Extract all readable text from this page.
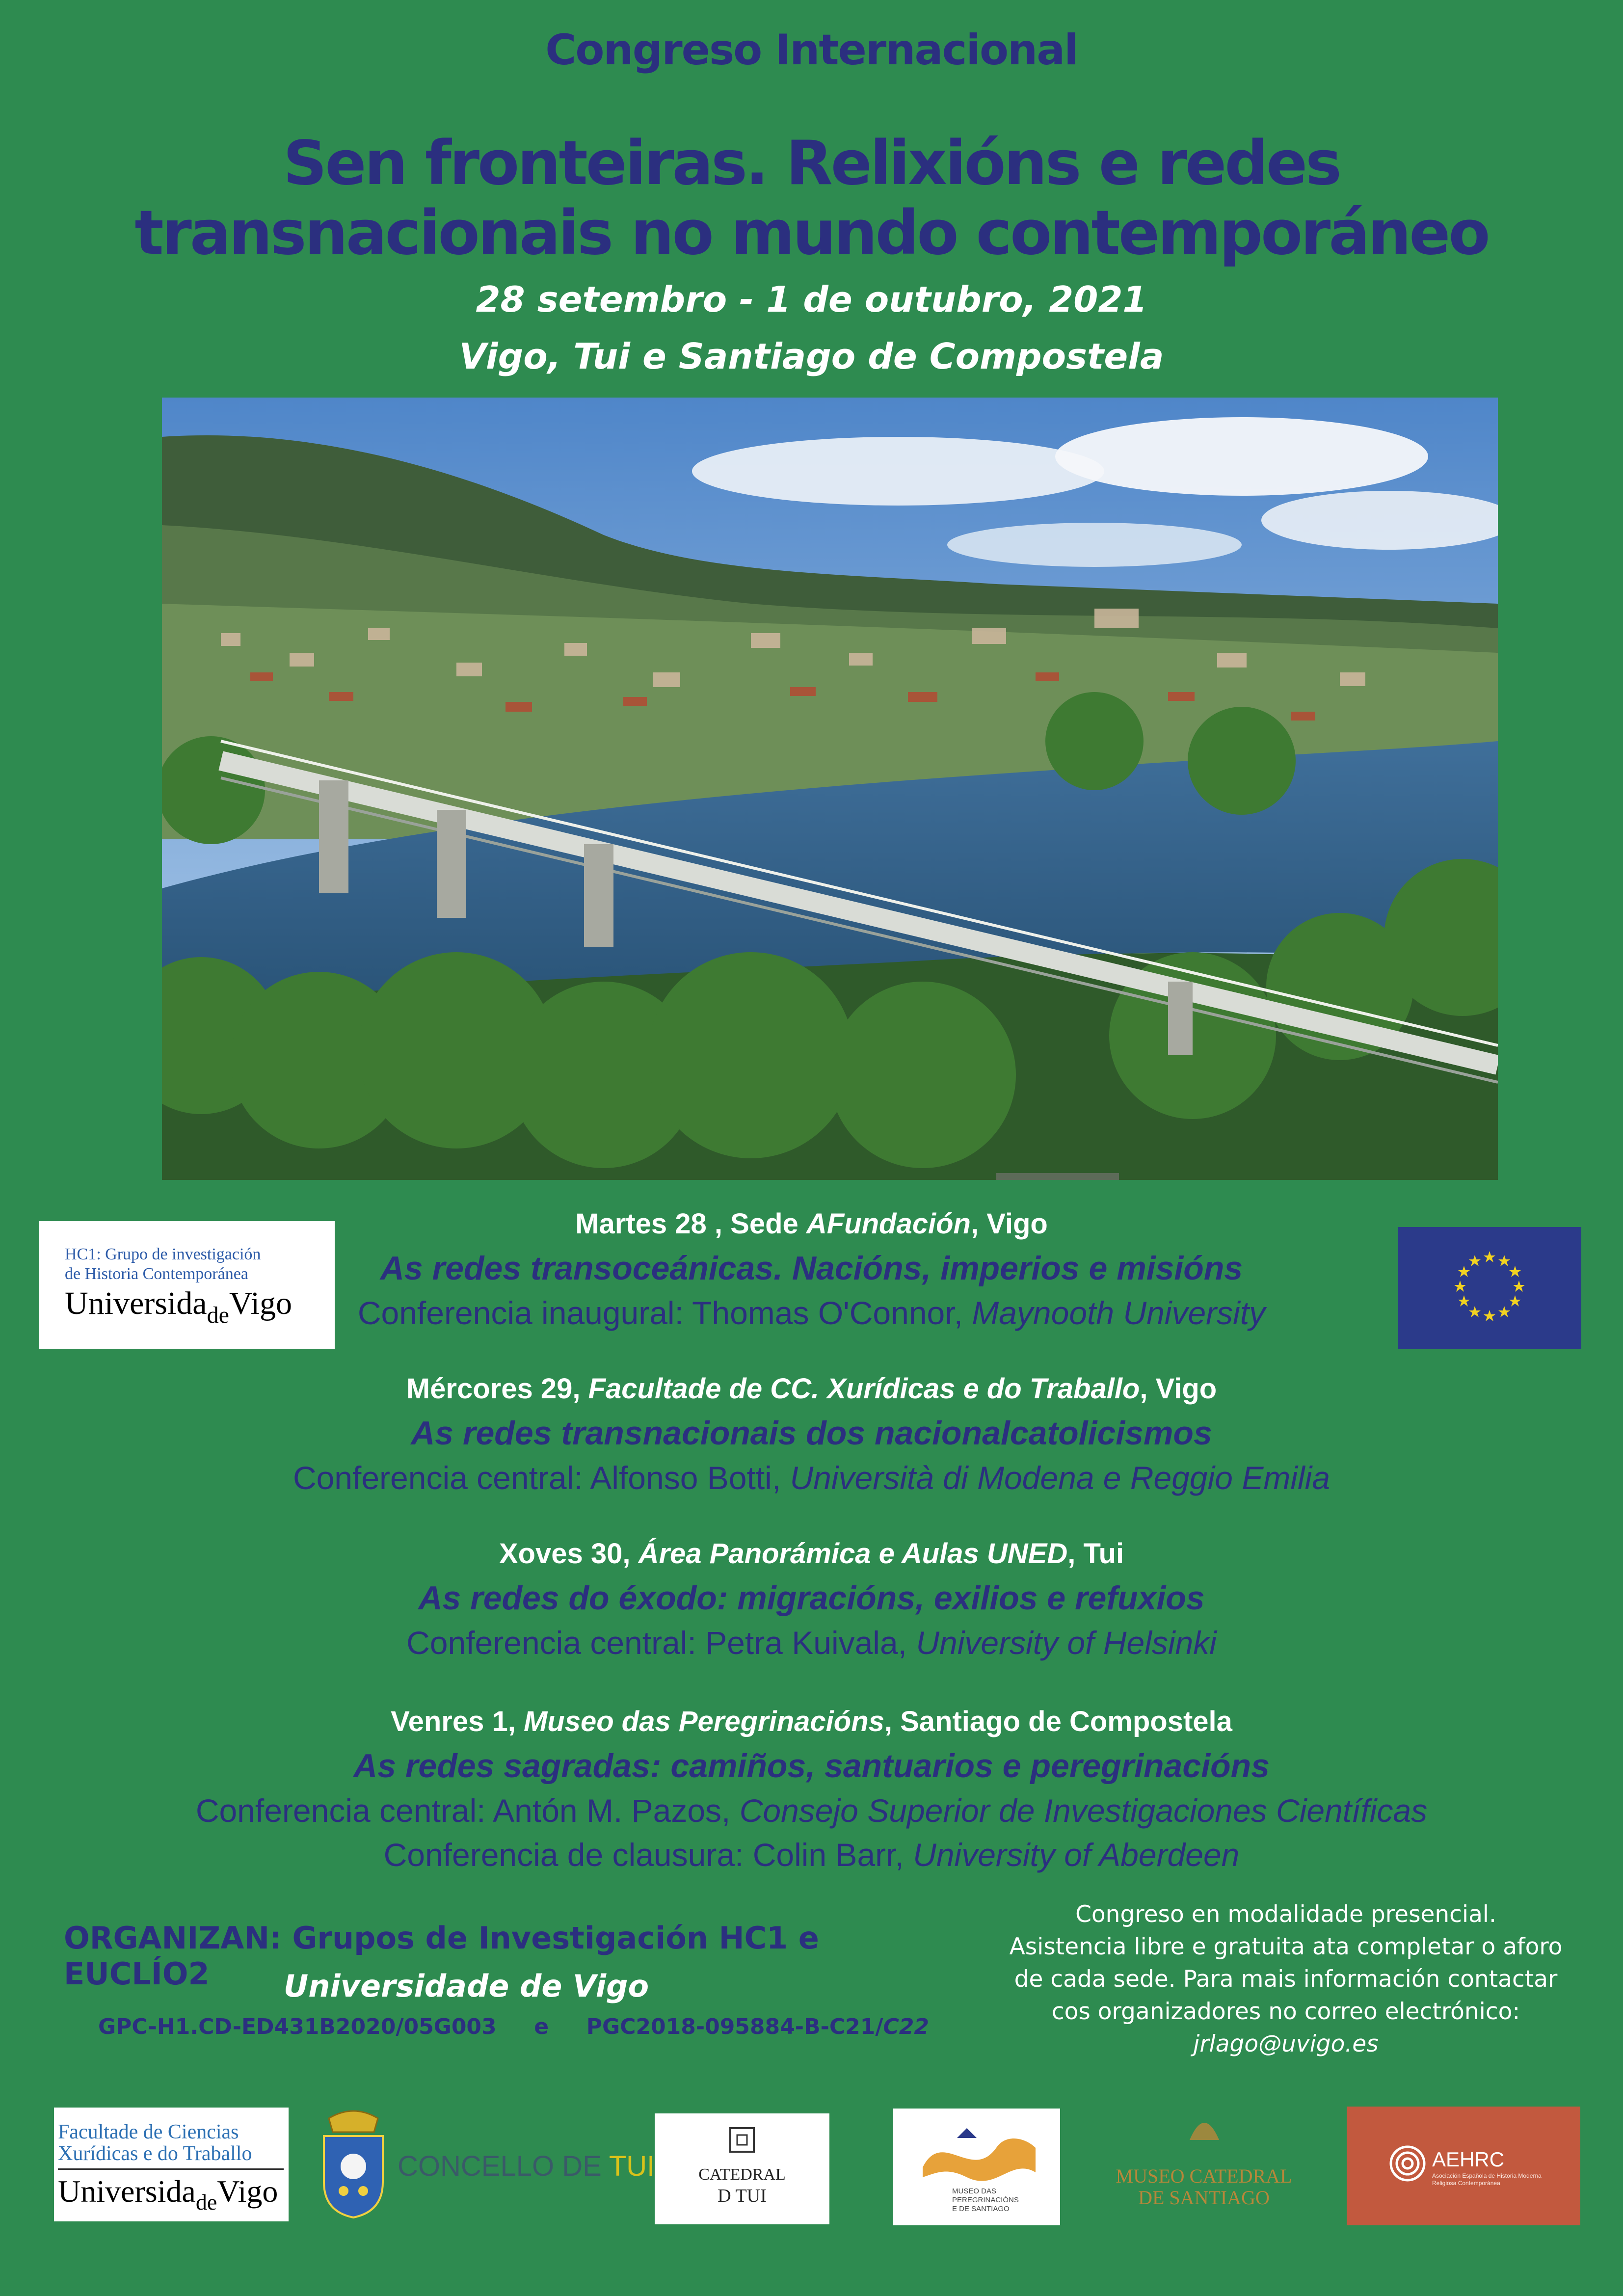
Congreso Internacional
Sen fronteiras. Relixións e redes
transnacionais no mundo contemporáneo
28 setembro - 1 de outubro, 2021
Vigo, Tui e Santiago de Compostela
HC1: Grupo de investigación
de Historia Contemporánea
Universida$_{de}$Vigo
Martes 28 , Sede AFundación, Vigo
As redes transoceánicas. Nacións, imperios e misións
Conferencia inaugural: Thomas O'Connor, Maynooth University
Mércores 29, Facultade de CC. Xurídicas e do Traballo, Vigo
As redes transnacionais dos nacionalcatolicismos
Conferencia central: Alfonso Botti, Università di Modena e Reggio Emilia
Xoves 30, Área Panorámica e Aulas UNED, Tui
As redes do éxodo: migracións, exilios e refuxios
Conferencia central: Petra Kuivala, University of Helsinki
Venres 1, Museo das Peregrinacións, Santiago de Compostela
As redes sagradas: camiños, santuarios e peregrinacións
Conferencia central: Antón M. Pazos, Consejo Superior de Investigaciones Científicas
Conferencia de clausura: Colin Barr, University of Aberdeen
ORGANIZAN: Grupos de Investigación HC1 e EUCLÍO2	Universidade de Vigo
GPC-H1.CD-ED431B2020/05G003 e PGC2018-095884-B-C21/C22
Congreso en modalidade presencial.
Asistencia libre e gratuita ata completar o aforo
de cada sede. Para mais información contactar
cos organizadores no correo electrónico:
jrlago@uvigo.es
Facultade de Ciencias
Xurídicas e do Traballo
Universida$_{de}$Vigo
CONCELLO DE TUI	CATEDRAL
D TUI	MUSEO DAS
PEREGRINACIÓNS
E DE SANTIAGO
MUSEO CATEDRAL
DE SANTIAGO
AEHRC
Asociación Española de Historia Moderna
Religiosa Contemporánea
